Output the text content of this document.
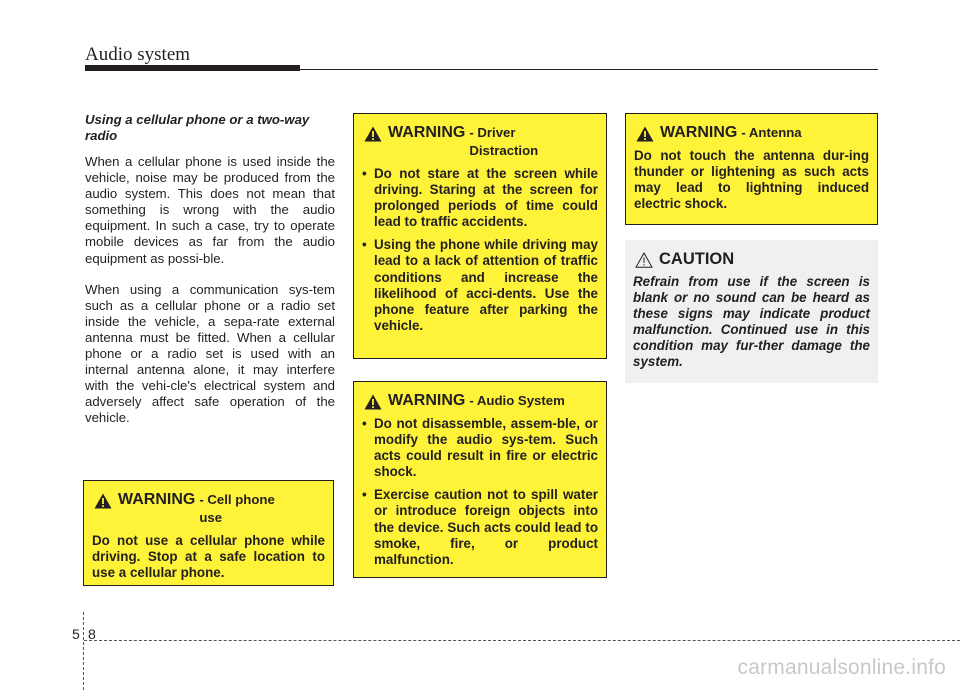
Audio system

Using a cellular phone or a two-way radio

When a cellular phone is used inside the vehicle, noise may be produced from the audio system. This does not mean that something is wrong with the audio equipment. In such a case, try to operate mobile devices as far from the audio equipment as possi-ble.

When using a communication sys-tem such as a cellular phone or a radio set inside the vehicle, a sepa-rate external antenna must be fitted. When a cellular phone or a radio set is used with an internal antenna alone, it may interfere with the vehi-cle's electrical system and adversely affect safe operation of the vehicle.

WARNING - Cell phone use
Do not use a cellular phone while driving. Stop at a safe location to use a cellular phone.
WARNING - Driver Distraction
• Do not stare at the screen while driving. Staring at the screen for prolonged periods of time could lead to traffic accidents.
• Using the phone while driving may lead to a lack of attention of traffic conditions and increase the likelihood of acci-dents. Use the phone feature after parking the vehicle.
WARNING - Audio System
• Do not disassemble, assem-ble, or modify the audio sys-tem. Such acts could result in fire or electric shock.
• Exercise caution not to spill water or introduce foreign objects into the device. Such acts could lead to smoke, fire, or product malfunction.
WARNING - Antenna
Do not touch the antenna dur-ing thunder or lightening as such acts may lead to lightning induced electric shock.
CAUTION
Refrain from use if the screen is blank or no sound can be heard as these signs may indicate product malfunction. Continued use in this condition may fur-ther damage the system.
5 8
carmanualsonline.info
